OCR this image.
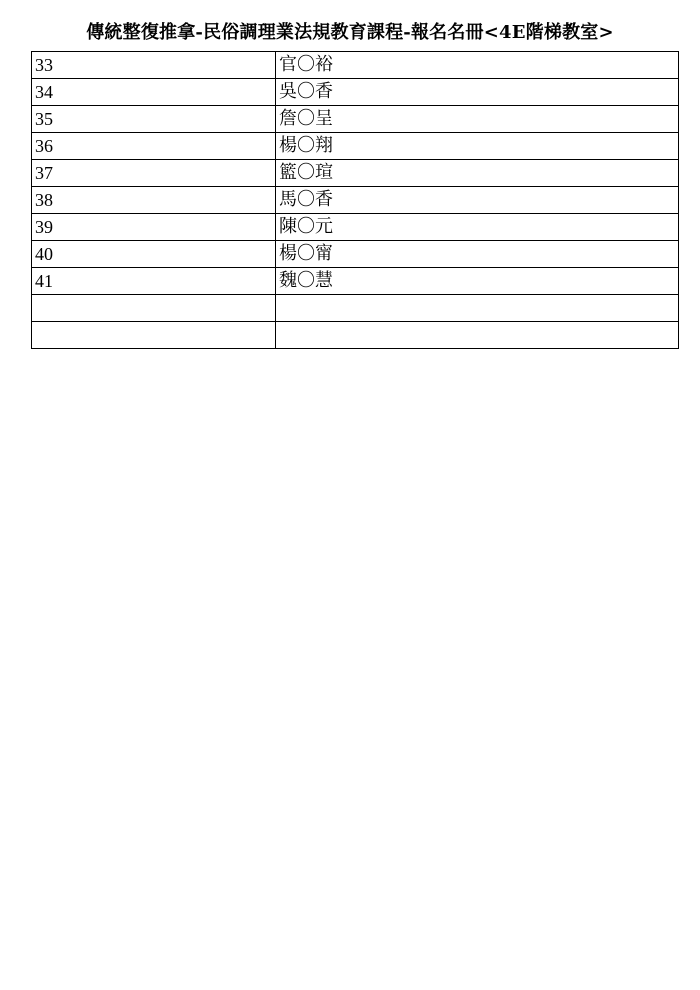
傳統整復推拿-民俗調理業法規教育課程-報名名冊<4E階梯教室>
33	官〇裕
34	吳〇香
35	詹〇呈
36	楊〇翔
37	籃〇瑄
38	馬〇香
39	陳〇元
40	楊〇甯
41	魏〇慧
